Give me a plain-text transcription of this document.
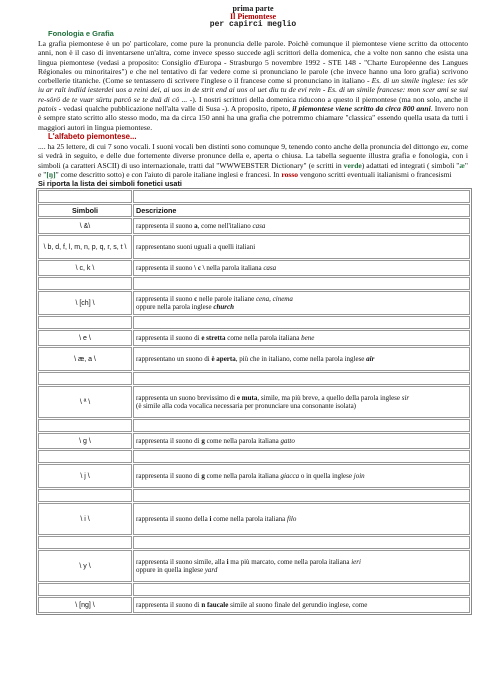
prima parte
Il Piemontese
per capirci meglio
Fonologia e Grafia
La grafia piemontese è un po' particolare, come pure la pronuncia delle parole. Poichè comunque il piemontese viene scritto da ottocento anni, non è il caso di inventarsene un'altra, come invece spesso succede agli scrittori della domenica, che a volte non sanno che esista una lingua piemontese (vedasi a proposito: Consiglio d'Europa - Strasburgo 5 novembre 1992 - STE 148 - "Charte Européenne des Langues Régionales ou minoritaires") e che nel tentativo di far vedere come si pronunciano le parole (che invece hanno una loro grafia) scrivono corbellerie titaniche. (Come se tentassero di scrivere l'inglese o il francese come si pronunciano in italiano - Es. di un simile inglese: ies sör iu ar raït indiid iesterdei uos a reini dei, ai uos in de strit end ai uos ol uet diu tu de evi rein - Es. di un simile francese: mon scer ami se sui re-sörö de te vuar sürtu parcö se te duä di cö ... -). I nostri scrittori della domenica riducono a questo il piemontese (ma non solo, anche il patois - vedasi qualche pubblicazione nell'alta valle di Susa -). A proposito, ripeto, il piemontese viene scritto da circa 800 anni. Invero non è sempre stato scritto allo stesso modo, ma da circa 150 anni ha una grafia che potremmo chiamare "classica" essendo quella usata da tutti i maggiori autori in lingua piemontese.
L'alfabeto piemontese...
.... ha 25 lettere, di cui 7 sono vocali. I suoni vocali ben distinti sono comunque 9, tenendo conto anche della pronuncia del dittongo eu, come si vedrà in seguito, e delle due fortemente diverse pronunce della e, aperta o chiusa. La tabella seguente illustra grafia e fonologia, con i simboli (a caratteri ASCII) di uso internazionale, tratti dal "WWWEBSTER Dictionary" (e scritti in verde) adattati ed integrati ( simboli "æ" e "[ŋ]" come descritto sotto) e con l'aiuto di parole italiane inglesi e francesi. In rosso vengono scritti eventuali italianismi o francesismi
Si riporta la lista dei simboli fonetici usati

Simboli	Descrizione
\ &\	rappresenta il suono a, come nell'italiano casa
\ b, d, f, l, m, n, p, q, r, s, t \	rappresentano suoni uguali a quelli italiani
\ c, k \	rappresenta il suono \ c \ nella parola italiana casa

\ [ch] \	rappresenta il suono c nelle parole italiane cena, cinema
oppure nella parola inglese church

\ e \	rappresenta il suono di e stretta come nella parola italiana bene
\ æ, a \	rappresentano un suono di è aperta, più che in italiano, come nella parola inglese air

\ ª \	rappresenta un suono brevissimo di e muta, simile, ma più breve, a quello della parola inglese sir
(è simile alla coda vocalica necessaria per pronunciare una consonante isolata)

\ g \	rappresenta il suono di g come nella parola italiana gatto

\ j \	rappresenta il suono di g come nella parola italiana giacca o in quella inglese join

\ i \	rappresenta il suono della i come nella parola italiana filo

\ y \	rappresenta il suono simile, alla i ma più marcato, come nella parola italiana ieri
oppure in quella inglese yard

\ [ng] \	rappresenta il suono di n faucale simile al suono finale del gerundio inglese, come
